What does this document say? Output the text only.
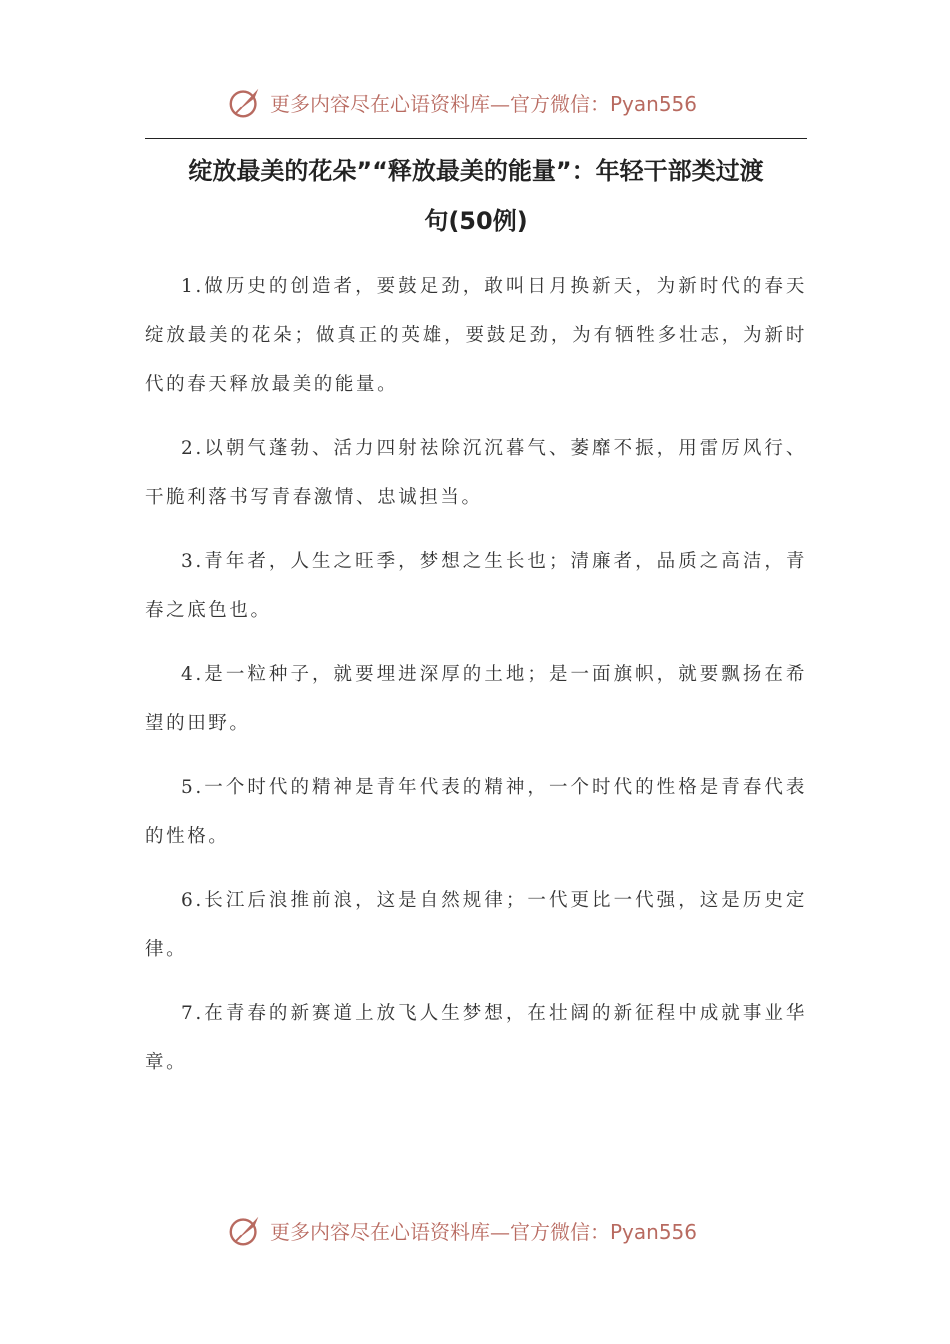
更多内容尽在心语资料库—官方微信：Pyan556
绽放最美的花朵”“释放最美的能量”：年轻干部类过渡
句(50例)

1.做历史的创造者，要鼓足劲，敢叫日月换新天，为新时代的春天绽放最美的花朵；做真正的英雄，要鼓足劲，为有牺牲多壮志，为新时代的春天释放最美的能量。

2.以朝气蓬勃、活力四射祛除沉沉暮气、萎靡不振，用雷厉风行、干脆利落书写青春激情、忠诚担当。

3.青年者，人生之旺季，梦想之生长也；清廉者，品质之高洁，青春之底色也。

4.是一粒种子，就要埋进深厚的土地；是一面旗帜，就要飘扬在希望的田野。

5.一个时代的精神是青年代表的精神，一个时代的性格是青春代表的性格。

6.长江后浪推前浪，这是自然规律；一代更比一代强，这是历史定律。

7.在青春的新赛道上放飞人生梦想，在壮阔的新征程中成就事业华章。

更多内容尽在心语资料库—官方微信：Pyan556
